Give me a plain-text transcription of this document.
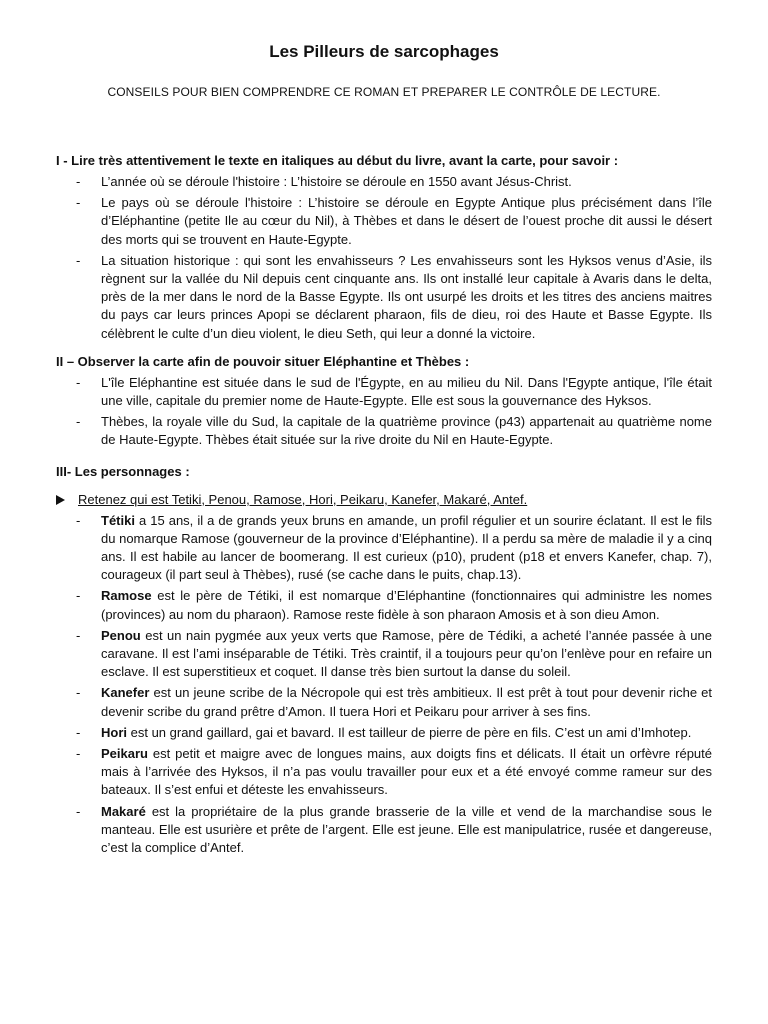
Les Pilleurs de sarcophages

CONSEILS POUR BIEN COMPRENDRE CE ROMAN ET PREPARER LE CONTRÔLE DE LECTURE.

I - Lire très attentivement le texte en italiques au début du livre, avant la carte, pour savoir :

- L’année où se déroule l'histoire : L’histoire se déroule en 1550 avant Jésus-Christ.
- Le pays où se déroule l'histoire : L’histoire se déroule en Egypte Antique plus précisément dans l’île d’Eléphantine (petite Ile au cœur du Nil), à Thèbes et dans le désert de l’ouest proche dit aussi le désert des morts qui se trouvent en Haute-Egypte.
- La situation historique : qui sont les envahisseurs ? Les envahisseurs sont les Hyksos venus d’Asie, ils règnent sur la vallée du Nil depuis cent cinquante ans. Ils ont installé leur capitale à Avaris dans le delta, près de la mer dans le nord de la Basse Egypte. Ils ont usurpé les droits et les titres des anciens maitres du pays car leurs princes Apopi se déclarent pharaon, fils de dieu, roi des Haute et Basse Egypte. Ils célèbrent le culte d’un dieu violent, le dieu Seth, qui leur a donné la victoire.

II – Observer la carte afin de pouvoir situer Eléphantine et Thèbes :

- L'île Eléphantine est située dans le sud de l'Égypte, en au milieu du Nil. Dans l'Egypte antique, l'île était une ville, capitale du premier nome de Haute-Egypte. Elle est sous la gouvernance des Hyksos.
- Thèbes, la royale ville du Sud, la capitale de la quatrième province (p43) appartenait au quatrième nome de Haute-Egypte. Thèbes était située sur la rive droite du Nil en Haute-Egypte.

III- Les personnages :

Retenez qui est Tetiki, Penou, Ramose, Hori, Peikaru, Kanefer, Makaré, Antef.
- Tétiki a 15 ans, il a de grands yeux bruns en amande, un profil régulier et un sourire éclatant. Il est le fils du nomarque Ramose (gouverneur de la province d’Eléphantine). Il a perdu sa mère de maladie il y a cinq ans. Il est habile au lancer de boomerang. Il est curieux (p10), prudent (p18 et envers Kanefer, chap. 7), courageux (il part seul à Thèbes), rusé (se cache dans le puits, chap.13).
- Ramose est le père de Tétiki, il est nomarque d’Eléphantine (fonctionnaires qui administre les nomes (provinces) au nom du pharaon). Ramose reste fidèle à son pharaon Amosis et à son dieu Amon.
- Penou est un nain pygmée aux yeux verts que Ramose, père de Tédiki, a acheté l’année passée à une caravane. Il est l’ami inséparable de Tétiki. Très craintif, il a toujours peur qu’on l’enlève pour en refaire un esclave. Il est superstitieux et coquet. Il danse très bien surtout la danse du soleil.
- Kanefer est un jeune scribe de la Nécropole qui est très ambitieux. Il est prêt à tout pour devenir riche et devenir scribe du grand prêtre d’Amon. Il tuera Hori et Peikaru pour arriver à ses fins.
- Hori est un grand gaillard, gai et bavard. Il est tailleur de pierre de père en fils. C’est un ami d’Imhotep.
- Peikaru est petit et maigre avec de longues mains, aux doigts fins et délicats. Il était un orfèvre réputé mais à l’arrivée des Hyksos, il n’a pas voulu travailler pour eux et a été envoyé comme rameur sur des bateaux. Il s’est enfui et déteste les envahisseurs.
- Makaré est la propriétaire de la plus grande brasserie de la ville et vend de la marchandise sous le manteau. Elle est usurière et prête de l’argent. Elle est jeune. Elle est manipulatrice, rusée et dangereuse, c’est la complice d’Antef.
